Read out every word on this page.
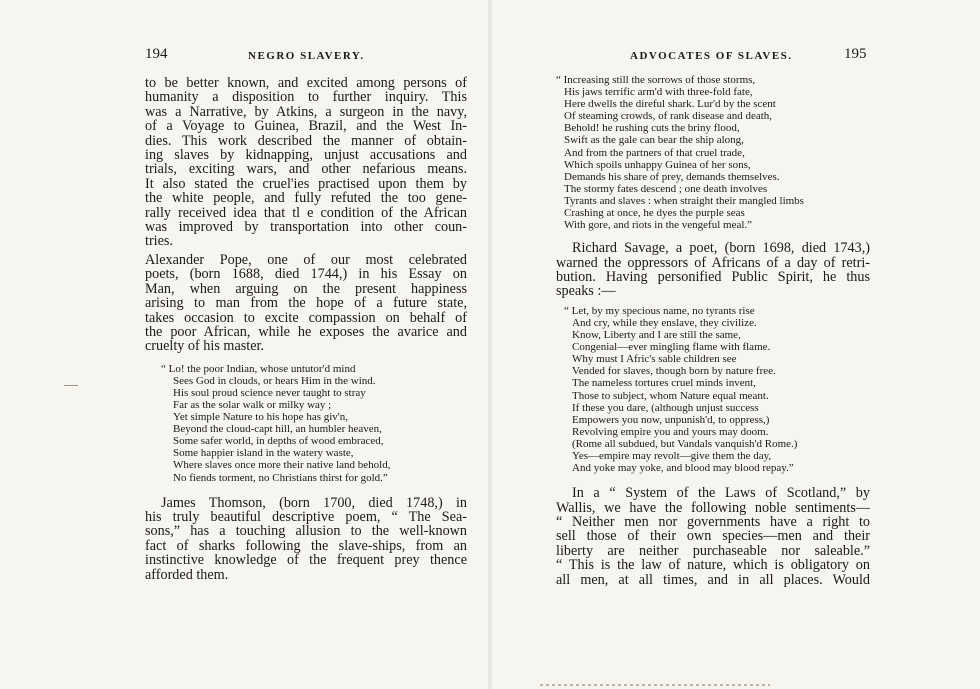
194	NEGRO SLAVERY.
to be better known, and excited among persons of
humanity a disposition to further inquiry. This
was a Narrative, by Atkins, a surgeon in the navy,
of a Voyage to Guinea, Brazil, and the West In-
dies. This work described the manner of obtain-
ing slaves by kidnapping, unjust accusations and
trials, exciting wars, and other nefarious means.
It also stated the cruel'ies practised upon them by
the white people, and fully refuted the too gene-
rally received idea that tl e condition of the African
was improved by transportation into other coun-
tries.
Alexander Pope, one of our most celebrated
poets, (born 1688, died 1744,) in his Essay on
Man, when arguing on the present happiness
arising to man from the hope of a future state,
takes occasion to excite compassion on behalf of
the poor African, while he exposes the avarice and
cruelty of his master.
“ Lo! the poor Indian, whose untutor'd mind
Sees God in clouds, or hears Him in the wind.
His soul proud science never taught to stray
Far as the solar walk or milky way ;
Yet simple Nature to his hope has giv'n,
Beyond the cloud-capt hill, an humbler heaven,
Some safer world, in depths of wood embraced,
Some happier island in the watery waste,
Where slaves once more their native land behold,
No fiends torment, no Christians thirst for gold.”
James Thomson, (born 1700, died 1748,) in
his truly beautiful descriptive poem, “ The Sea-
sons,” has a touching allusion to the well-known
fact of sharks following the slave-ships, from an
instinctive knowledge of the frequent prey thence
afforded them.
ADVOCATES OF SLAVES.	195
“ Increasing still the sorrows of those storms,
His jaws terrific arm'd with three-fold fate,
Here dwells the direful shark. Lur'd by the scent
Of steaming crowds, of rank disease and death,
Behold! he rushing cuts the briny flood,
Swift as the gale can bear the ship along,
And from the partners of that cruel trade,
Which spoils unhappy Guinea of her sons,
Demands his share of prey, demands themselves.
The stormy fates descend ; one death involves
Tyrants and slaves : when straight their mangled limbs
Crashing at once, he dyes the purple seas
With gore, and riots in the vengeful meal.”
Richard Savage, a poet, (born 1698, died 1743,)
warned the oppressors of Africans of a day of retri-
bution. Having personified Public Spirit, he thus
speaks :—
“ Let, by my specious name, no tyrants rise
And cry, while they enslave, they civilize.
Know, Liberty and I are still the same,
Congenial—ever mingling flame with flame.
Why must I Afric's sable children see
Vended for slaves, though born by nature free.
The nameless tortures cruel minds invent,
Those to subject, whom Nature equal meant.
If these you dare, (although unjust success
Empowers you now, unpunish'd, to oppress,)
Revolving empire you and yours may doom.
(Rome all subdued, but Vandals vanquish'd Rome.)
Yes—empire may revolt—give them the day,
And yoke may yoke, and blood may blood repay.”
In a “ System of the Laws of Scotland,” by
Wallis, we have the following noble sentiments—
“ Neither men nor governments have a right to
sell those of their own species—men and their
liberty are neither purchaseable nor saleable.”
“ This is the law of nature, which is obligatory on
all men, at all times, and in all places. Would
